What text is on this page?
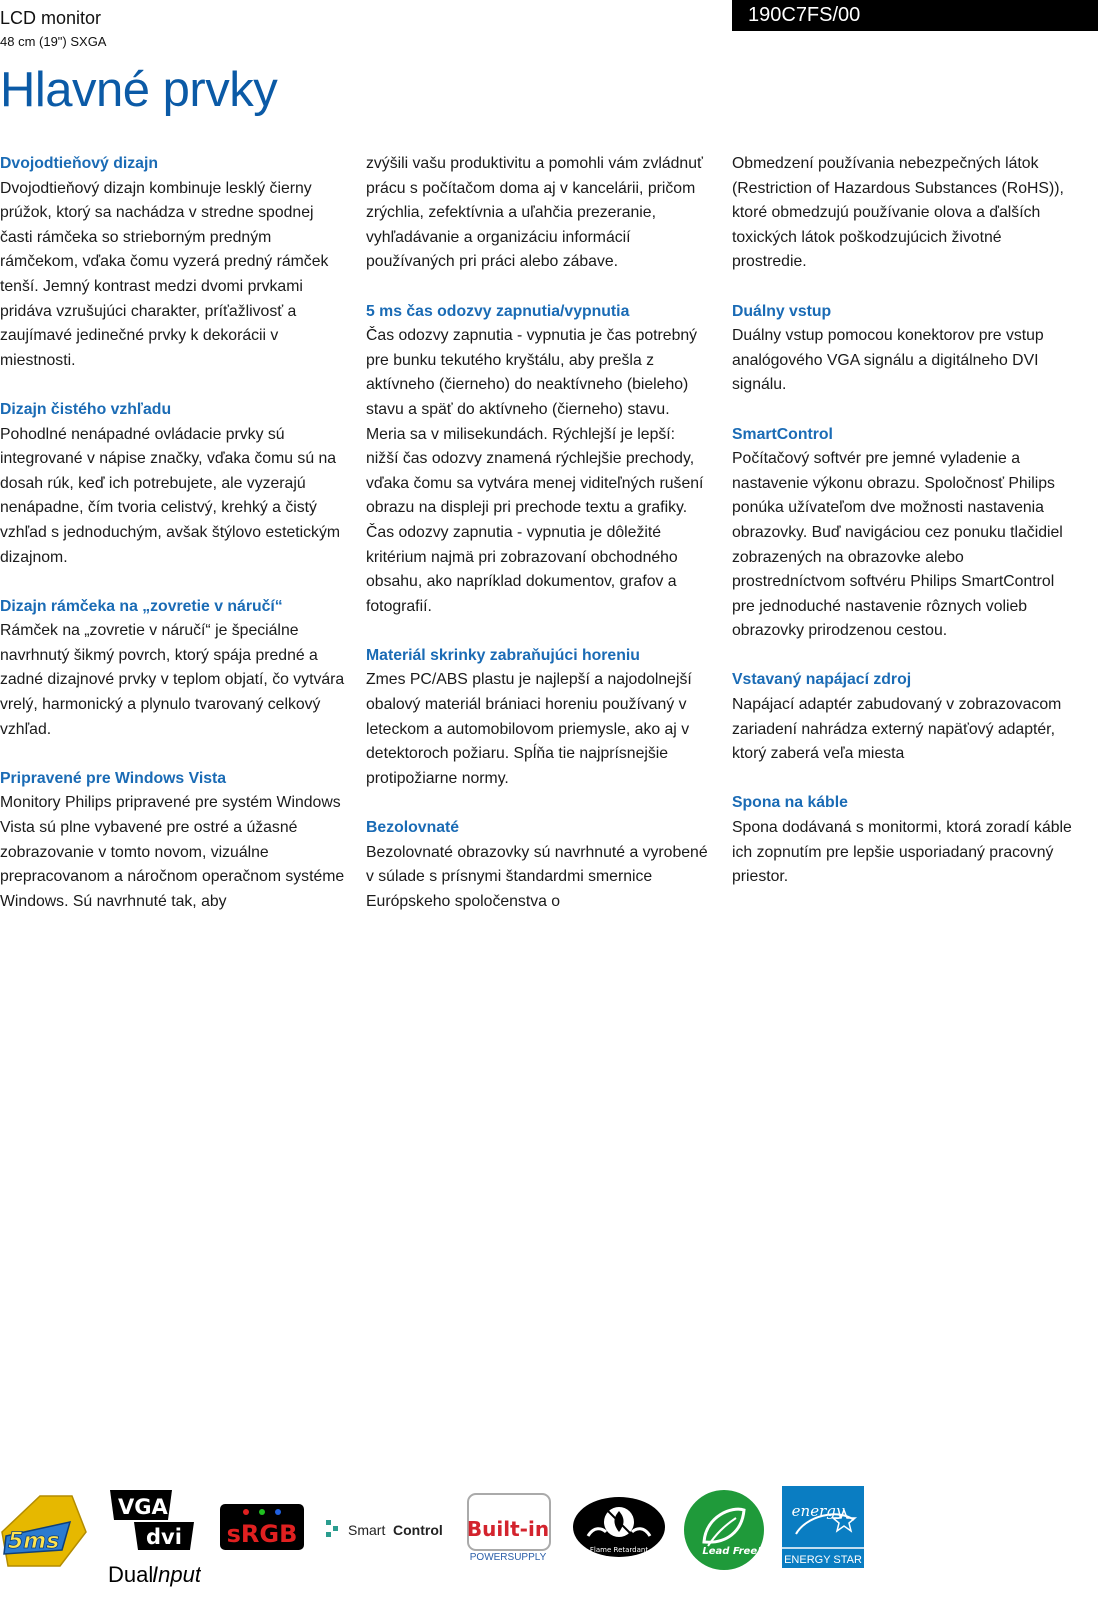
LCD monitor
48 cm (19") SXGA
190C7FS/00
Hlavné prvky
Dvojodtieňový dizajn

Dvojodtieňový dizajn kombinuje lesklý čierny prúžok, ktorý sa nachádza v stredne spodnej časti rámčeka so strieborným predným rámčekom, vďaka čomu vyzerá predný rámček tenší. Jemný kontrast medzi dvomi prvkami pridáva vzrušujúci charakter, príťažlivosť a zaujímavé jedinečné prvky k dekorácii v miestnosti.

Dizajn čistého vzhľadu

Pohodlné nenápadné ovládacie prvky sú integrované v nápise značky, vďaka čomu sú na dosah rúk, keď ich potrebujete, ale vyzerajú nenápadne, čím tvoria celistvý, krehký a čistý vzhľad s jednoduchým, avšak štýlovo estetickým dizajnom.

Dizajn rámčeka na „zovretie v náručí“

Rámček na „zovretie v náručí“ je špeciálne navrhnutý šikmý povrch, ktorý spája predné a zadné dizajnové prvky v teplom objatí, čo vytvára vrelý, harmonický a plynulo tvarovaný celkový vzhľad.

Pripravené pre Windows Vista

Monitory Philips pripravené pre systém Windows Vista sú plne vybavené pre ostré a úžasné zobrazovanie v tomto novom, vizuálne prepracovanom a náročnom operačnom systéme Windows. Sú navrhnuté tak, aby

zvýšili vašu produktivitu a pomohli vám zvládnuť prácu s počítačom doma aj v kancelárii, pričom zrýchlia, zefektívnia a uľahčia prezeranie, vyhľadávanie a organizáciu informácií používaných pri práci alebo zábave.

5 ms čas odozvy zapnutia/vypnutia

Čas odozvy zapnutia - vypnutia je čas potrebný pre bunku tekutého kryštálu, aby prešla z aktívneho (čierneho) do neaktívneho (bieleho) stavu a späť do aktívneho (čierneho) stavu. Meria sa v milisekundách. Rýchlejší je lepší: nižší čas odozvy znamená rýchlejšie prechody, vďaka čomu sa vytvára menej viditeľných rušení obrazu na displeji pri prechode textu a grafiky. Čas odozvy zapnutia - vypnutia je dôležité kritérium najmä pri zobrazovaní obchodného obsahu, ako napríklad dokumentov, grafov a fotografií.

Materiál skrinky zabraňujúci horeniu

Zmes PC/ABS plastu je najlepší a najodolnejší obalový materiál brániaci horeniu používaný v leteckom a automobilovom priemysle, ako aj v detektoroch požiaru. Spĺňa tie najprísnejšie protipožiarne normy.

Bezolovnaté

Bezolovnaté obrazovky sú navrhnuté a vyrobené v súlade s prísnymi štandardmi smernice Európskeho spoločenstva o

Obmedzení používania nebezpečných látok (Restriction of Hazardous Substances (RoHS)), ktoré obmedzujú používanie olova a ďalších toxických látok poškodzujúcich životné prostredie.

Duálny vstup

Duálny vstup pomocou konektorov pre vstup analógového VGA signálu a digitálneho DVI signálu.

SmartControl

Počítačový softvér pre jemné vyladenie a nastavenie výkonu obrazu. Spoločnosť Philips ponúka užívateľom dve možnosti nastavenia obrazovky. Buď navigáciou cez ponuku tlačidiel zobrazených na obrazovke alebo prostredníctvom softvéru Philips SmartControl pre jednoduché nastavenie rôznych volieb obrazovky prirodzenou cestou.

Vstavaný napájací zdroj

Napájací adaptér zabudovaný v zobrazovacom zariadení nahrádza externý napäťový adaptér, ktorý zaberá veľa miesta

Spona na káble

Spona dodávaná s monitormi, ktorá zoradí káble ich zopnutím pre lepšie usporiadaný pracovný priestor.

5ms
VGA
dvi
Dual
Input
sRGB	Smart Control Built-in
POWERSUPPLY
Flame Retardant	Lead Free!
energy
ENERGY STAR
